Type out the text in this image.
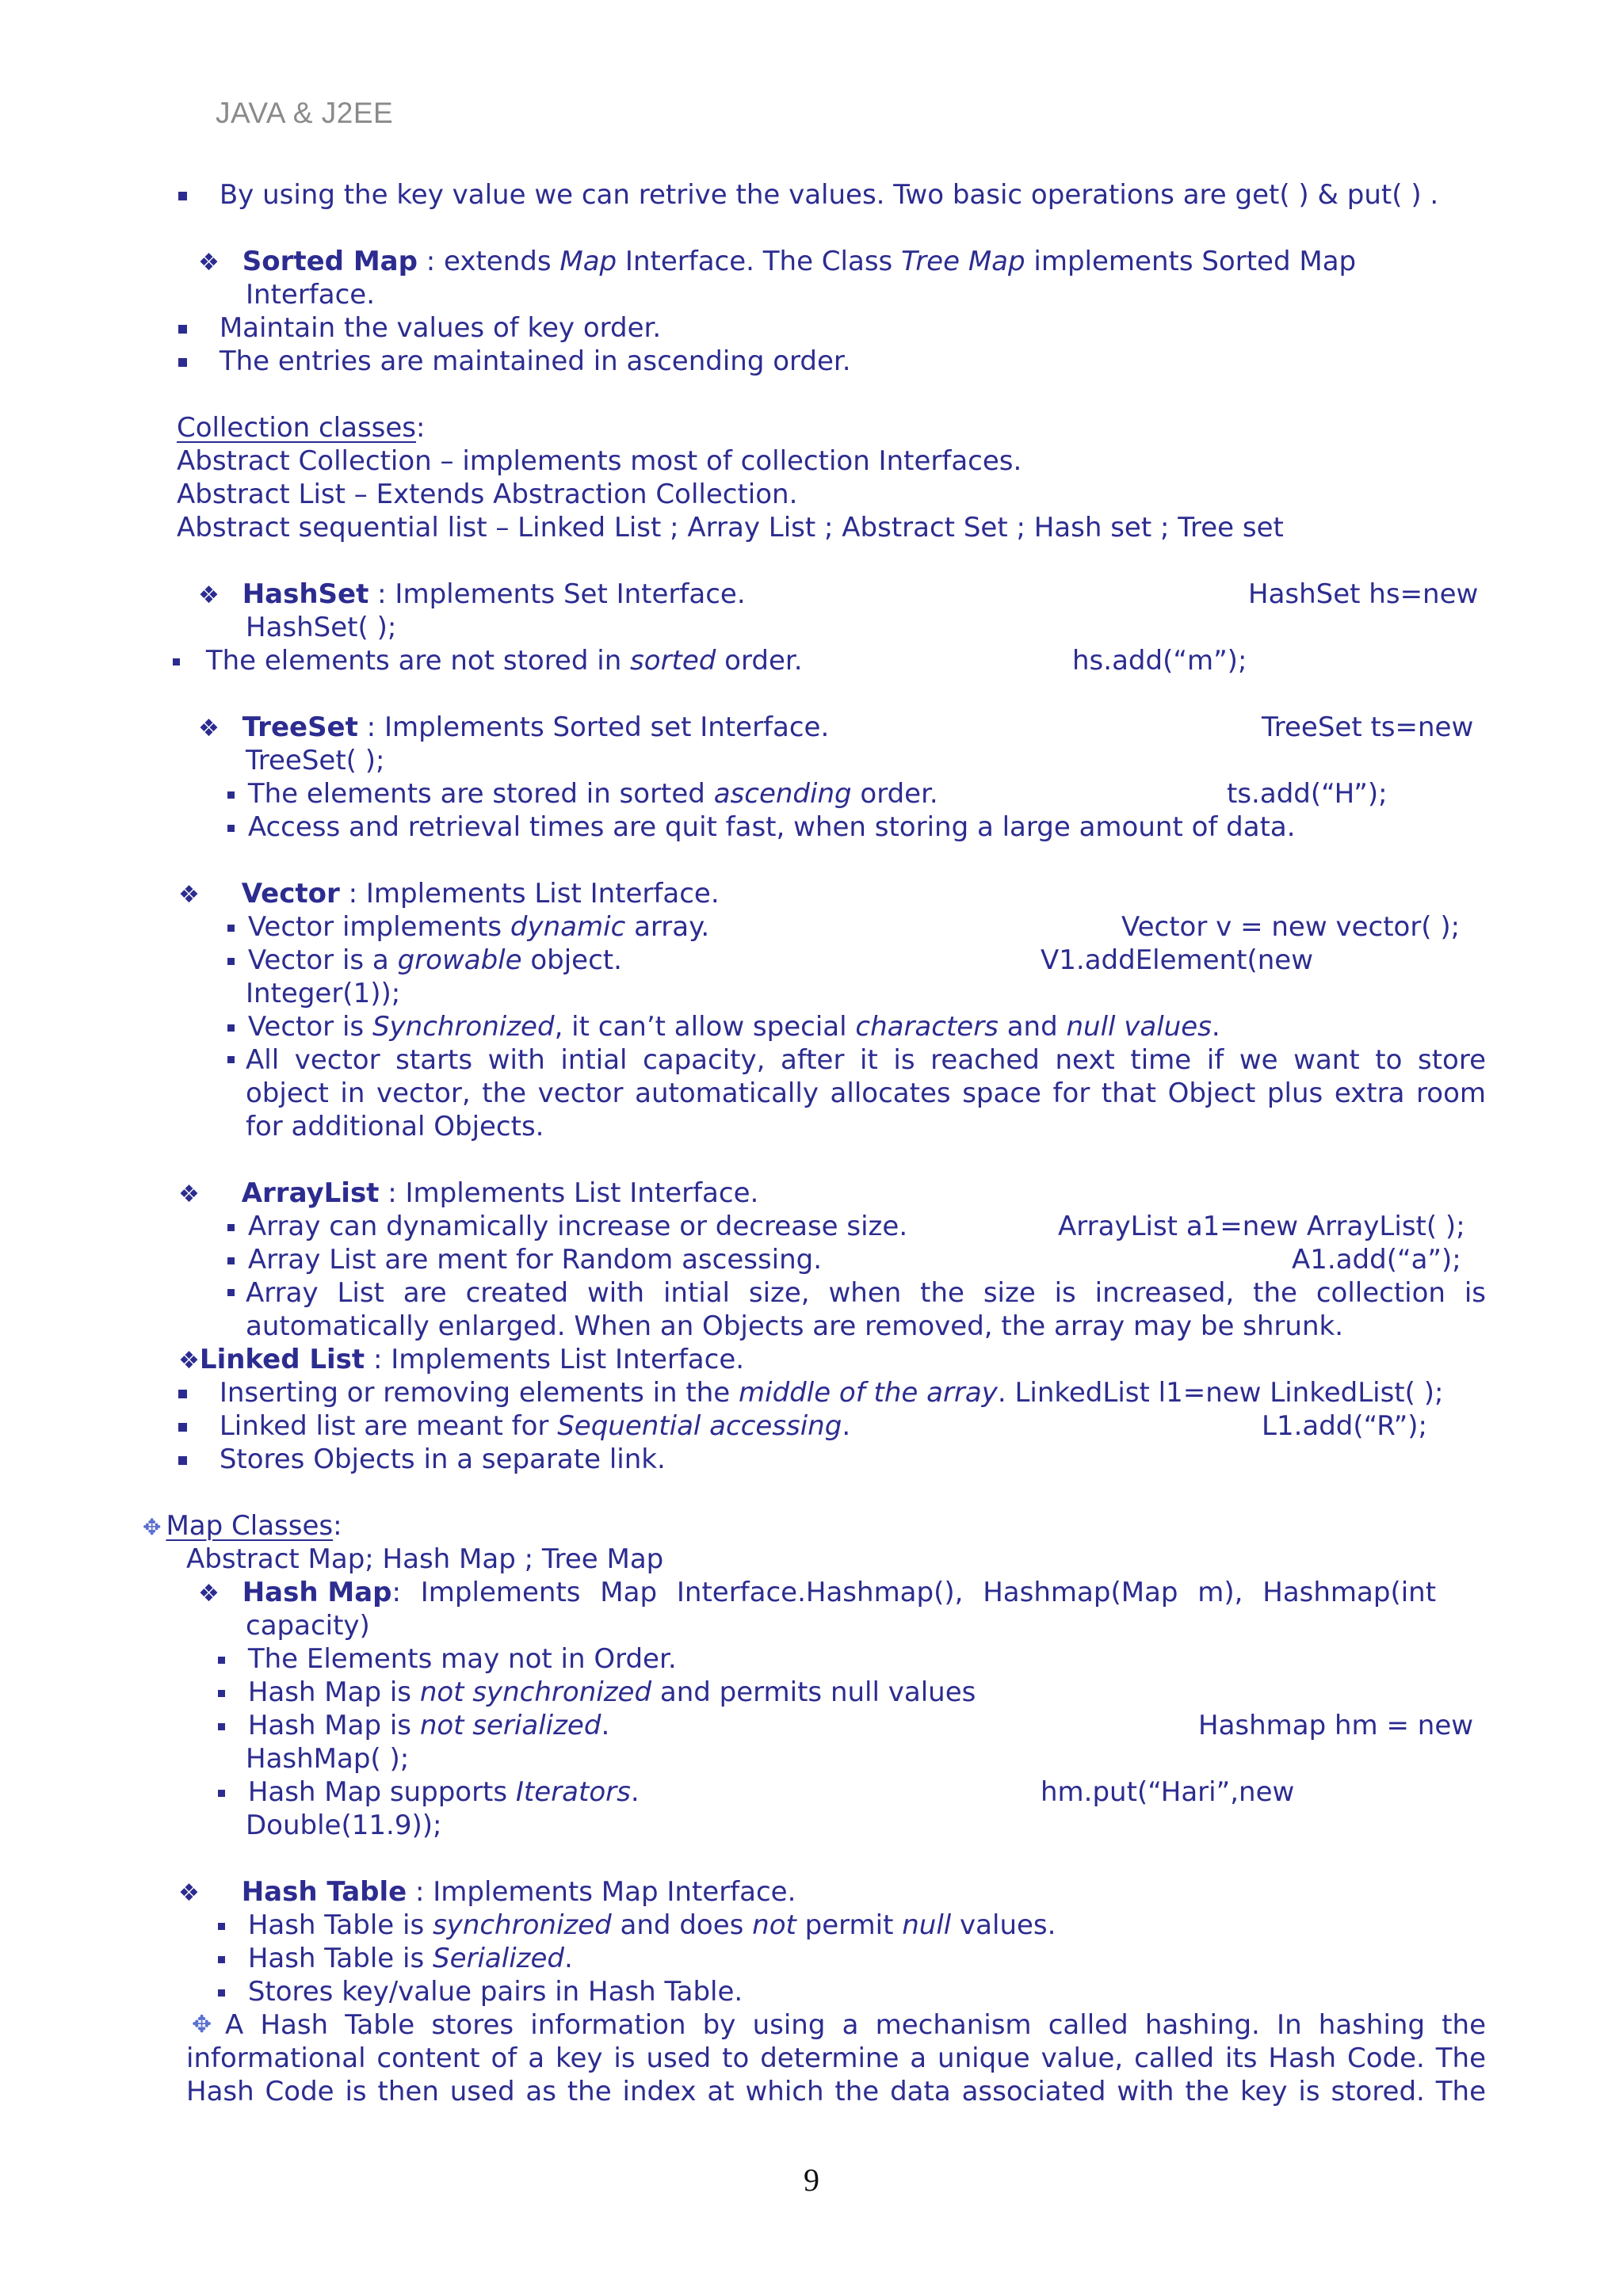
JAVA & J2EE
By using the key value we can retrive the values. Two basic operations are get( ) & put( ) .
❖ Sorted Map : extends Map Interface. The Class Tree Map implements Sorted Map
Interface.
Maintain the values of key order.
The entries are maintained in ascending order.
Collection classes:
Abstract Collection – implements most of collection Interfaces.
Abstract List – Extends Abstraction Collection.
Abstract sequential list – Linked List ; Array List ; Abstract Set ; Hash set ; Tree set
❖ HashSet : Implements Set Interface.	HashSet hs=new
HashSet( );
The elements are not stored in sorted order.	hs.add(“m”);
❖ TreeSet : Implements Sorted set Interface.	TreeSet ts=new
TreeSet( );
The elements are stored in sorted ascending order.	ts.add(“H”);
Access and retrieval times are quit fast, when storing a large amount of data.
❖ Vector : Implements List Interface.
Vector implements dynamic array.	Vector v = new vector( );
Vector is a growable object.	V1.addElement(new
Integer(1));
Vector is Synchronized, it can’t allow special characters and null values.
All vector starts with intial capacity, after it is reached next time if we want to store
object in vector, the vector automatically allocates space for that Object plus extra room
for additional Objects.
❖ ArrayList : Implements List Interface.
Array can dynamically increase or decrease size.	ArrayList a1=new ArrayList( );
Array List are ment for Random ascessing.	A1.add(“a”);
Array List are created with intial size, when the size is increased, the collection is
automatically enlarged. When an Objects are removed, the array may be shrunk.
❖Linked List : Implements List Interface.
Inserting or removing elements in the middle of the array. LinkedList l1=new LinkedList( );
Linked list are meant for Sequential accessing.	L1.add(“R”);
Stores Objects in a separate link.
✥ Map Classes:
Abstract Map; Hash Map ; Tree Map
❖ Hash Map: Implements Map Interface.Hashmap(), Hashmap(Map m), Hashmap(int
capacity)
The Elements may not in Order.
Hash Map is not synchronized and permits null values
Hash Map is not serialized.	Hashmap hm = new
HashMap( );
Hash Map supports Iterators.	hm.put(“Hari”,new
Double(11.9));
❖ Hash Table : Implements Map Interface.
Hash Table is synchronized and does not permit null values.
Hash Table is Serialized.
Stores key/value pairs in Hash Table.
✥ A Hash Table stores information by using a mechanism called hashing. In hashing the
informational content of a key is used to determine a unique value, called its Hash Code. The
Hash Code is then used as the index at which the data associated with the key is stored. The
9
